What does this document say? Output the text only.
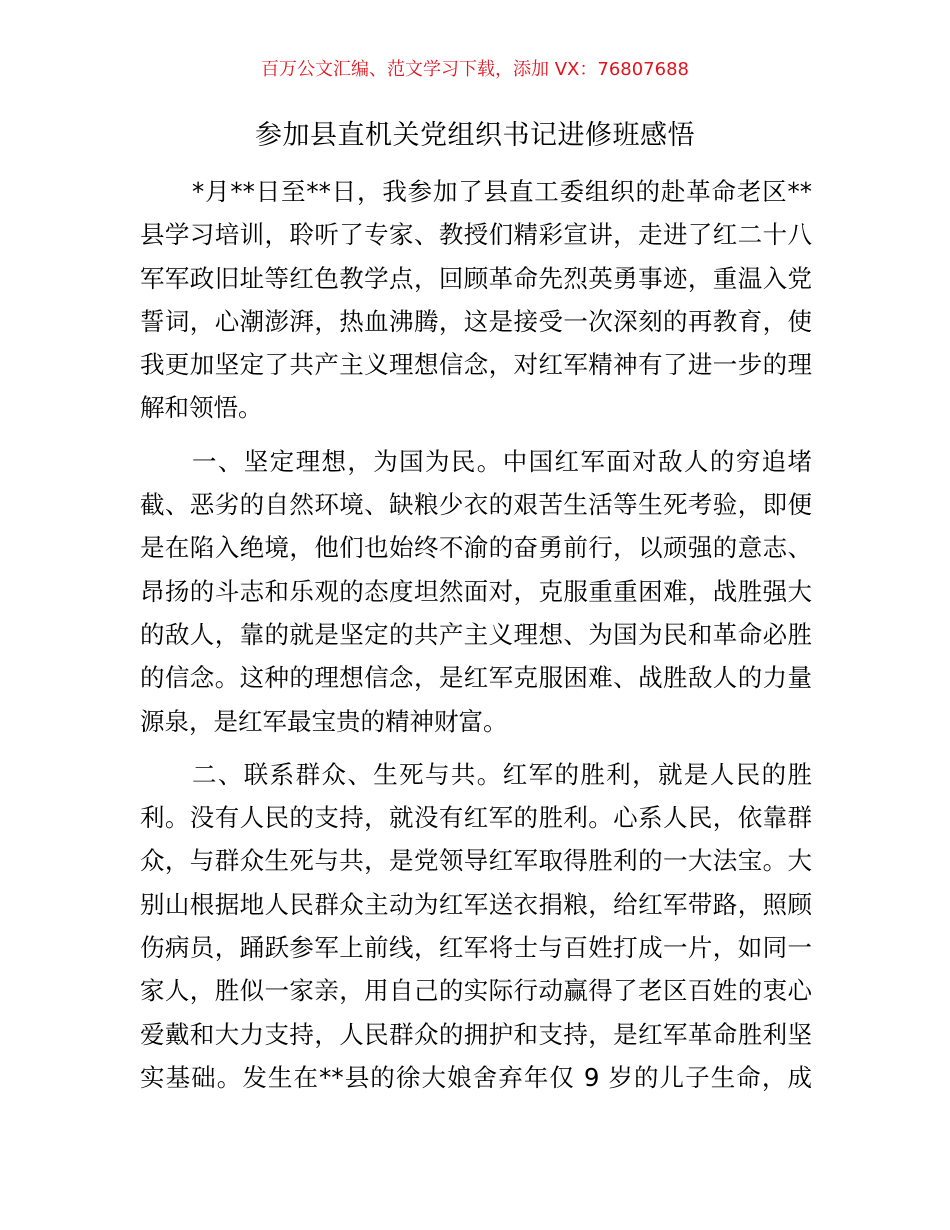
百万公文汇编、范文学习下载，添加 VX：76807688
参加县直机关党组织书记进修班感悟
*月**日至**日，我参加了县直工委组织的赴革命老区**
县学习培训，聆听了专家、教授们精彩宣讲，走进了红二十八
军军政旧址等红色教学点，回顾革命先烈英勇事迹，重温入党
誓词，心潮澎湃，热血沸腾，这是接受一次深刻的再教育，使
我更加坚定了共产主义理想信念，对红军精神有了进一步的理
解和领悟。
一、坚定理想，为国为民。中国红军面对敌人的穷追堵
截、恶劣的自然环境、缺粮少衣的艰苦生活等生死考验，即便
是在陷入绝境，他们也始终不渝的奋勇前行，以顽强的意志、
昂扬的斗志和乐观的态度坦然面对，克服重重困难，战胜强大
的敌人，靠的就是坚定的共产主义理想、为国为民和革命必胜
的信念。这种的理想信念，是红军克服困难、战胜敌人的力量
源泉，是红军最宝贵的精神财富。
二、联系群众、生死与共。红军的胜利，就是人民的胜
利。没有人民的支持，就没有红军的胜利。心系人民，依靠群
众，与群众生死与共，是党领导红军取得胜利的一大法宝。大
别山根据地人民群众主动为红军送衣捐粮，给红军带路，照顾
伤病员，踊跃参军上前线，红军将士与百姓打成一片，如同一
家人，胜似一家亲，用自己的实际行动赢得了老区百姓的衷心
爱戴和大力支持，人民群众的拥护和支持，是红军革命胜利坚
实基础。发生在**县的徐大娘舍弃年仅 9 岁的儿子生命，成
